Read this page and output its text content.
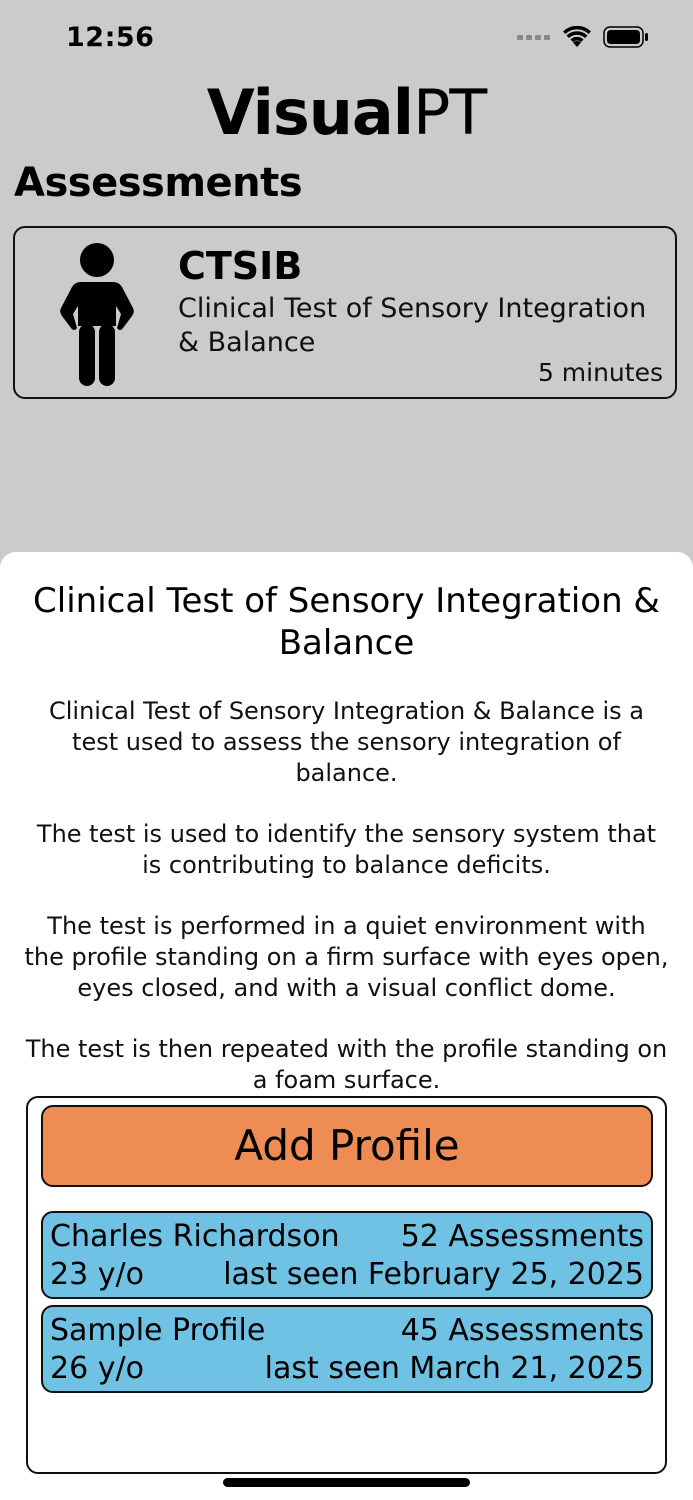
12:56
VisualPT
Assessments
CTSIB
Clinical Test of Sensory Integration & Balance
5 minutes
Clinical Test of Sensory Integration & Balance

Clinical Test of Sensory Integration & Balance is a test used to assess the sensory integration of balance.

The test is used to identify the sensory system that is contributing to balance deficits.

The test is performed in a quiet environment with the profile standing on a firm surface with eyes open, eyes closed, and with a visual conflict dome.

The test is then repeated with the profile standing on a foam surface.

Add Profile
Charles Richardson 52 Assessments
23 y/o	last seen February 25, 2025
Sample Profile	45 Assessments
26 y/o	last seen March 21, 2025
